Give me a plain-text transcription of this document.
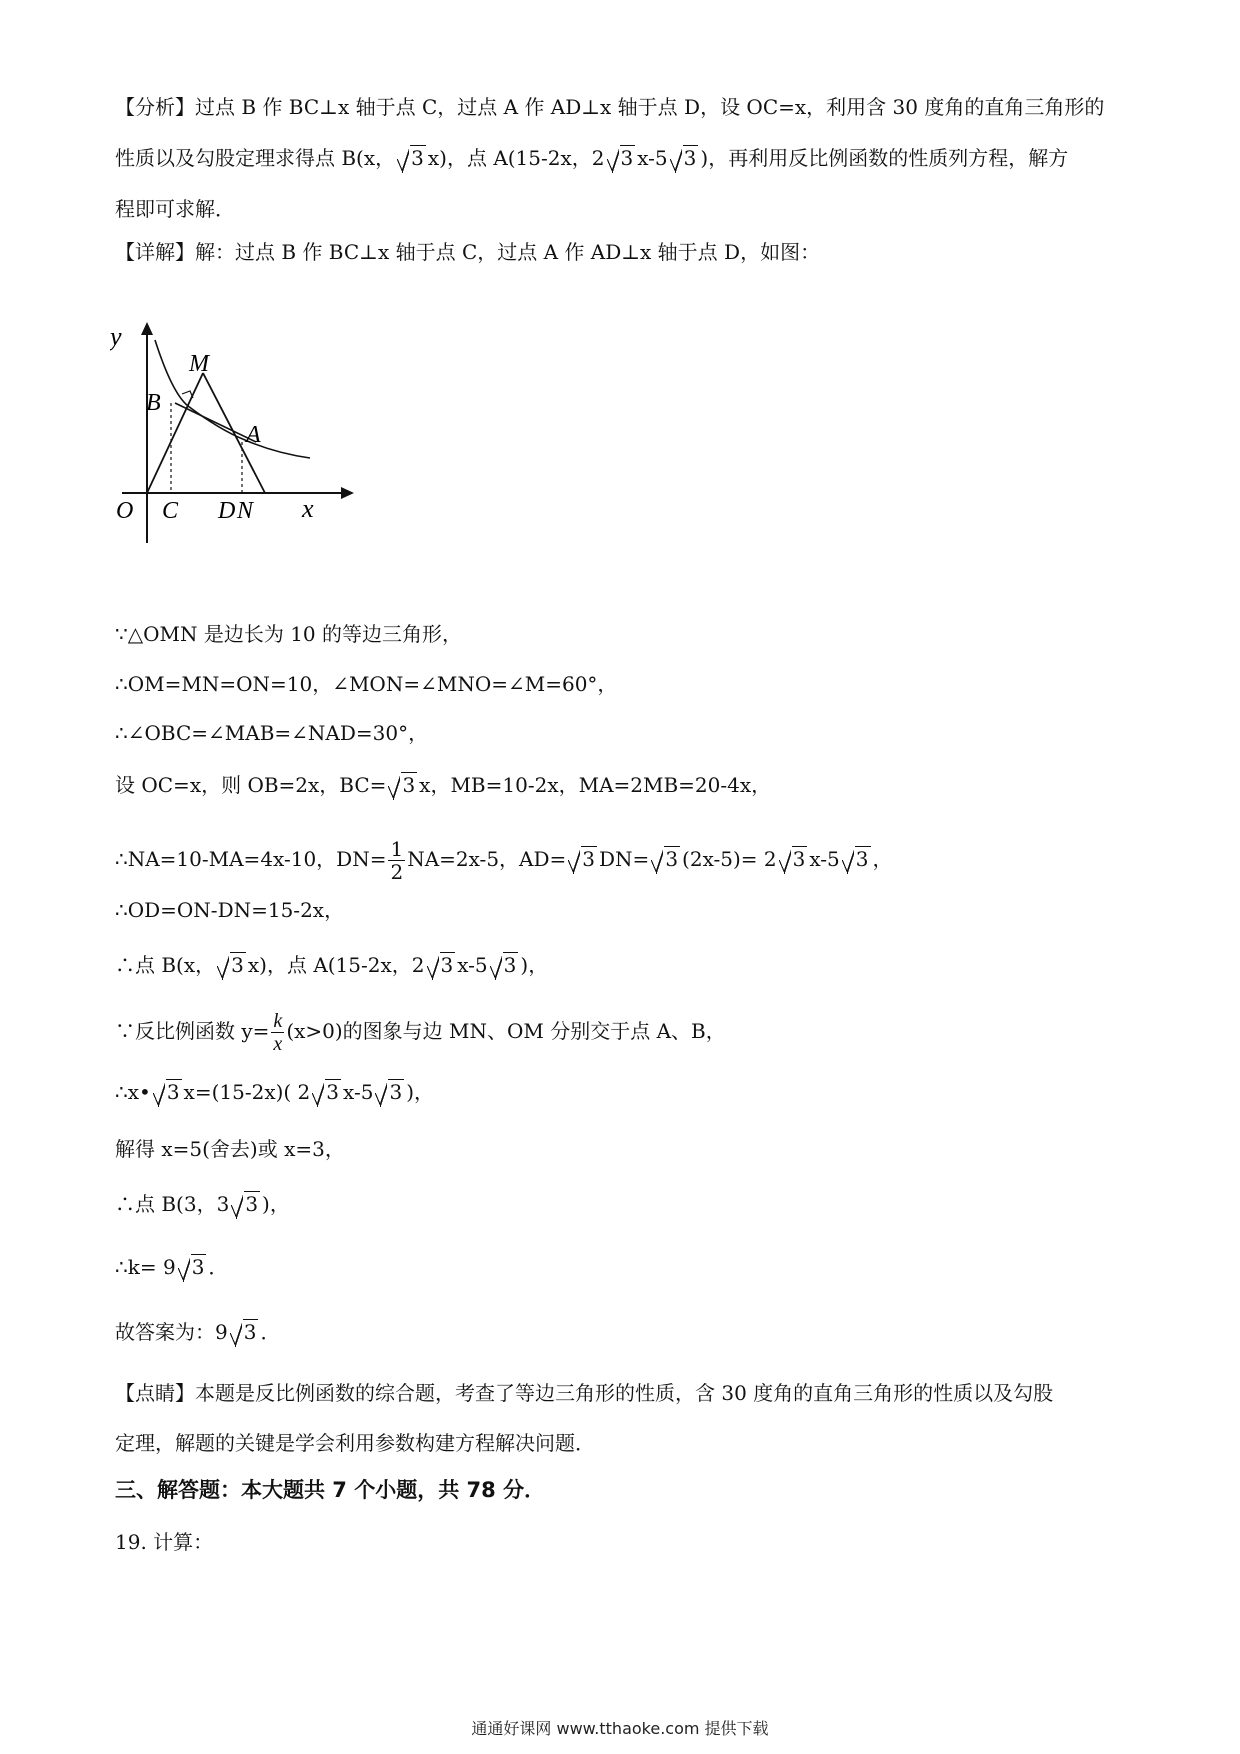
【分析】过点 B 作 BC⊥x 轴于点 C，过点 A 作 AD⊥x 轴于点 D，设 OC=x，利用含 30 度角的直角三角形的
性质以及勾股定理求得点 B(x， 3 x)，点 A(15-2x，2 3 x-5 3 )，再利用反比例函数的性质列方程，解方
程即可求解．
【详解】解：过点 B 作 BC⊥x 轴于点 C，过点 A 作 AD⊥x 轴于点 D，如图：
y
M
B
A
O C D N x
∵△OMN 是边长为 10 的等边三角形，
∴OM=MN=ON=10，∠MON=∠MNO=∠M=60°，
∴∠OBC=∠MAB=∠NAD=30°，
设 OC=x，则 OB=2x，BC= 3 x，MB=10-2x，MA=2MB=20-4x，
∴NA=10-MA=4x-10，$DN= \frac{1}{2} NA=2x-5$，AD= 3 DN= 3 (2x-5)= 2 3 x-5 3 ，
∴OD=ON-DN=15-2x，
∴点 B(x， 3 x)，点 A(15-2x，2 3 x-5 3 )，
∵反比例函数 $y= \frac{k}{x} (x>0)$的图象与边 MN、OM 分别交于点 A、B，
∴x• 3 x=(15-2x)( 2 3 x-5 3 )，
解得 x=5(舍去)或 x=3，
∴点 B(3，3 3 )，
∴k= 9 3 ．
故答案为：9 3 ．
【点睛】本题是反比例函数的综合题，考查了等边三角形的性质，含 30 度角的直角三角形的性质以及勾股
定理，解题的关键是学会利用参数构建方程解决问题．
三、解答题：本大题共 7 个小题，共 78 分．
19. 计算：
通通好课网 www.tthaoke.com 提供下载
